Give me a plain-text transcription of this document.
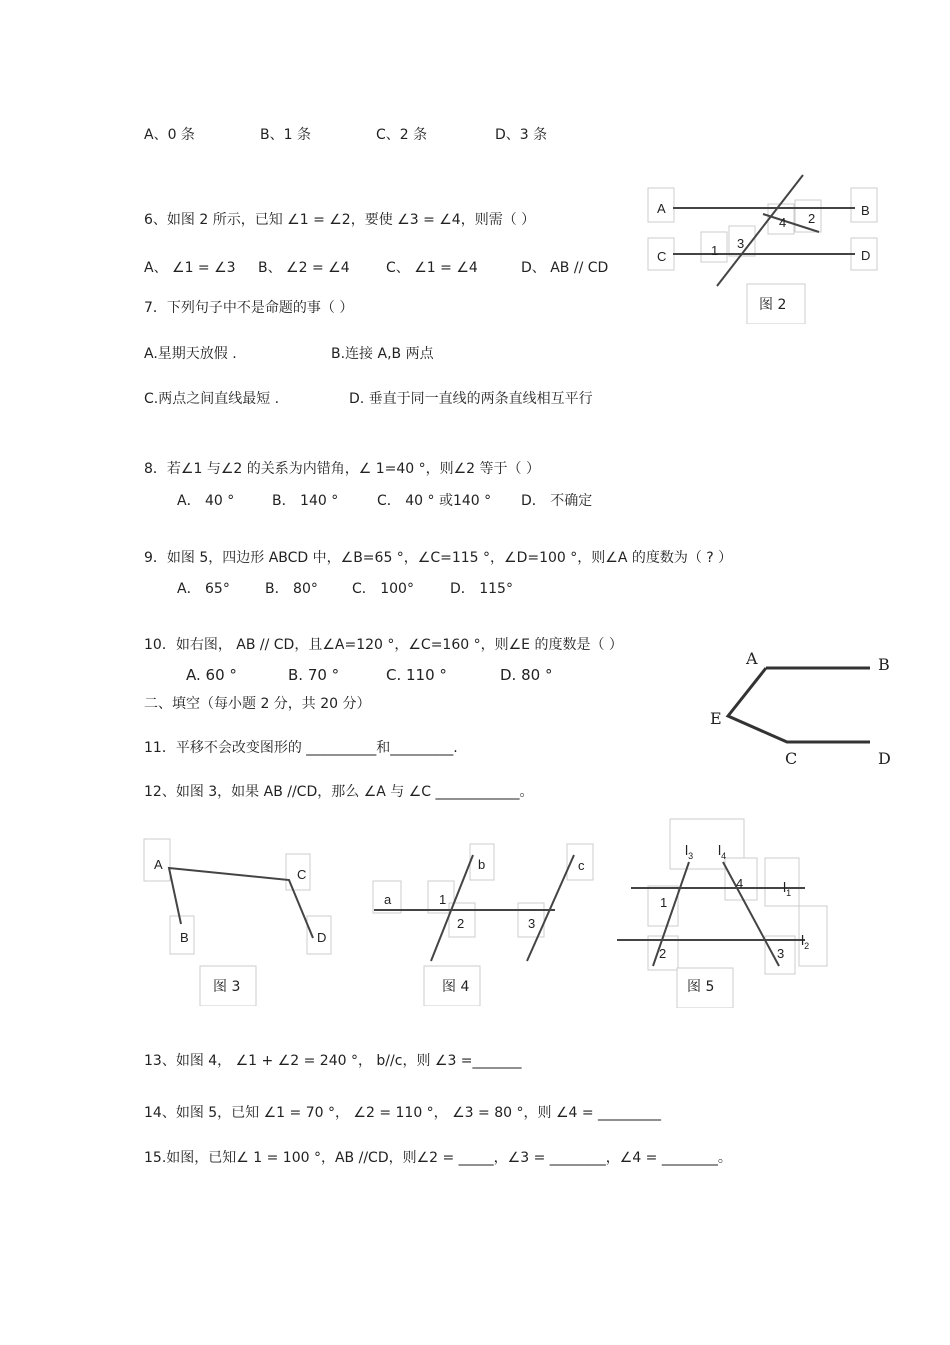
A、0 条	B、1 条	C、2 条	D、3 条
6、如图 2 所示，已知 ∠1 = ∠2，要使 ∠3 = ∠4，则需（ ）
A、 ∠1 = ∠3 B、 ∠2 = ∠4	C、 ∠1 = ∠4	D、 AB // CD
A	B
C	D
1
2
3
4
图 2
7．下列句子中不是命题的事（ ）
A.星期天放假 .	B.连接 A,B 两点
C.两点之间直线最短 .	D. 垂直于同一直线的两条直线相互平行
8．若∠1 与∠2 的关系为内错角，∠ 1=40 °，则∠2 等于（ ）
A． 40 °	B． 140 °	C． 40 ° 或140 ° D． 不确定
9．如图 5，四边形 ABCD 中，∠B=65 °，∠C=115 °，∠D=100 °，则∠A 的度数为（ ? ）
A． 65°	B． 80° C． 100°	D． 115°
10．如右图， AB // CD，且∠A=120 °，∠C=160 °，则∠E 的度数是（ ）
A. 60 °	B. 70 °	C. 110 °	D. 80 °
A	B
E
C	D
二、填空（每小题 2 分，共 20 分）
11．平移不会改变图形的 __________和_________.
12、如图 3，如果 AB //CD，那么 ∠A 与 ∠C ____________。
A
C
B	D
图 3
b	c
a	1
2	3
图 4
$l_3$ $l_4$
4	$l_1$
1
2	3
$l_2$
图 5
13、如图 4， ∠1 + ∠2 = 240 °， b//c，则 ∠3 =_______
14、如图 5，已知 ∠1 = 70 °， ∠2 = 110 °， ∠3 = 80 °，则 ∠4 = _________
15.如图，已知∠ 1 = 100 °，AB //CD，则∠2 = _____，∠3 = ________，∠4 = ________。
